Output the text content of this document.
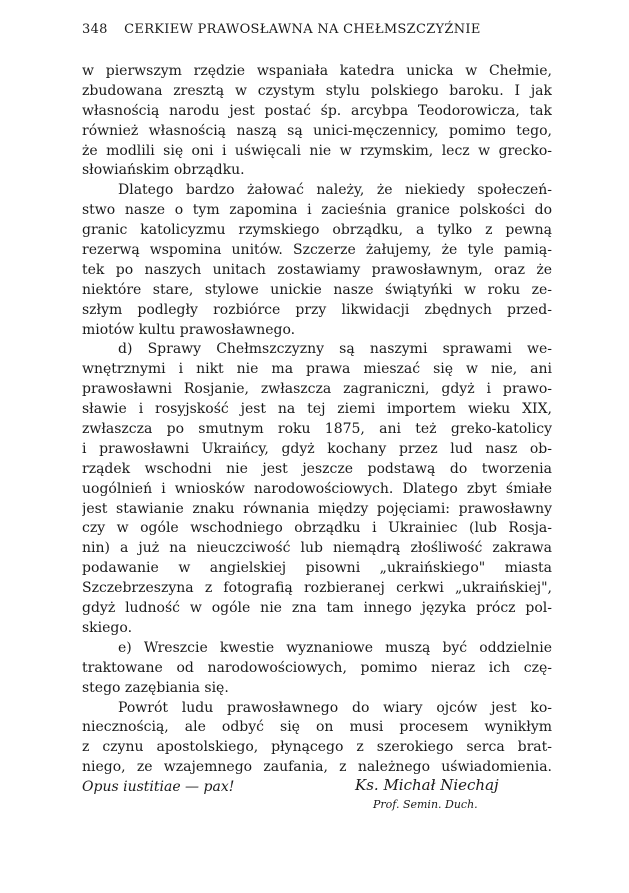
348 CERKIEW PRAWOSŁAWNA NA CHEŁMSZCZYŹNIE
w pierwszym rzędzie wspaniała katedra unicka w Chełmie,
zbudowana zresztą w czystym stylu polskiego baroku. I jak
własnością narodu jest postać śp. arcybpa Teodorowicza, tak
również własnością naszą są unici-męczennicy, pomimo tego,
że modlili się oni i uświęcali nie w rzymskim, lecz w grecko-
słowiańskim obrządku.
Dlatego bardzo żałować należy, że niekiedy społeczeń-
stwo nasze o tym zapomina i zacieśnia granice polskości do
granic katolicyzmu rzymskiego obrządku, a tylko z pewną
rezerwą wspomina unitów. Szczerze żałujemy, że tyle pamią-
tek po naszych unitach zostawiamy prawosławnym, oraz że
niektóre stare, stylowe unickie nasze świątyńki w roku ze-
szłym podległy rozbiórce przy likwidacji zbędnych przed-
miotów kultu prawosławnego.
d) Sprawy Chełmszczyzny są naszymi sprawami we-
wnętrznymi i nikt nie ma prawa mieszać się w nie, ani
prawosławni Rosjanie, zwłaszcza zagraniczni, gdyż i prawo-
sławie i rosyjskość jest na tej ziemi importem wieku XIX,
zwłaszcza po smutnym roku 1875, ani też greko-katolicy
i prawosławni Ukraińcy, gdyż kochany przez lud nasz ob-
rządek wschodni nie jest jeszcze podstawą do tworzenia
uogólnień i wniosków narodowościowych. Dlatego zbyt śmiałe
jest stawianie znaku równania między pojęciami: prawosławny
czy w ogóle wschodniego obrządku i Ukrainiec (lub Rosja-
nin) a już na nieuczciwość lub niemądrą złośliwość zakrawa
podawanie w angielskiej pisowni „ukraińskiego" miasta
Szczebrzeszyna z fotografią rozbieranej cerkwi „ukraińskiej",
gdyż ludność w ogóle nie zna tam innego języka prócz pol-
skiego.
e) Wreszcie kwestie wyznaniowe muszą być oddzielnie
traktowane od narodowościowych, pomimo nieraz ich czę-
stego zazębiania się.
Powrót ludu prawosławnego do wiary ojców jest ko-
niecznością, ale odbyć się on musi procesem wynikłym
z czynu apostolskiego, płynącego z szerokiego serca brat-
niego, ze wzajemnego zaufania, z należnego uświadomienia.
Opus iustitiae — pax!	Ks. Michał Niechaj
Prof. Semin. Duch.
